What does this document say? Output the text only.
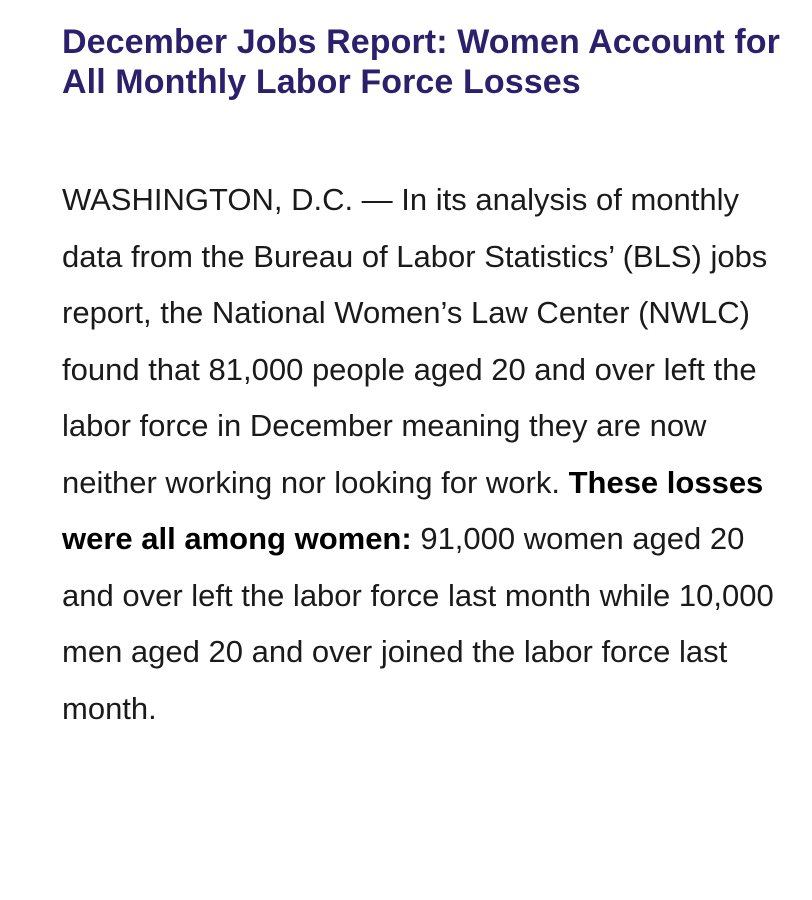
December Jobs Report: Women Account for All Monthly Labor Force Losses

WASHINGTON, D.C. — In its analysis of monthly data from the Bureau of Labor Statistics’ (BLS) jobs report, the National Women’s Law Center (NWLC) found that 81,000 people aged 20 and over left the labor force in December meaning they are now neither working nor looking for work. These losses were all among women: 91,000 women aged 20 and over left the labor force last month while 10,000 men aged 20 and over joined the labor force last month.
